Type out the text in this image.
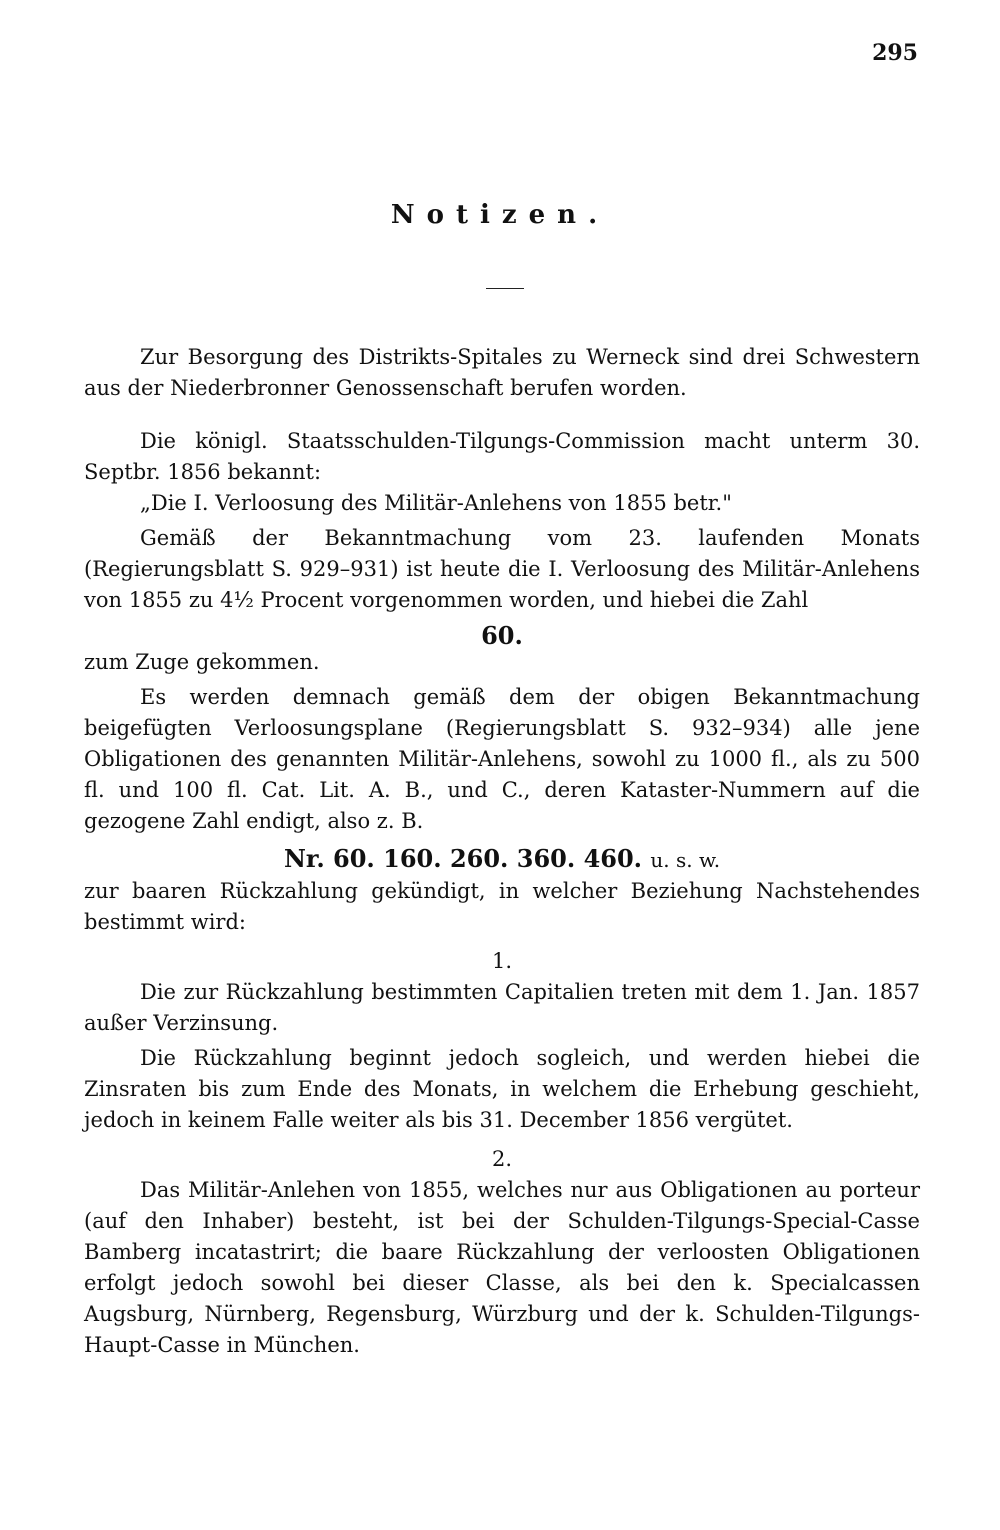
295
Notizen.

Zur Besorgung des Distrikts-Spitales zu Werneck sind drei Schwestern aus der Niederbronner Genossenschaft berufen worden.

Die königl. Staatsschulden-Tilgungs-Commission macht unterm 30. Septbr. 1856 bekannt:

„Die I. Verloosung des Militär-Anlehens von 1855 betr."

Gemäß der Bekanntmachung vom 23. laufenden Monats (Regierungsblatt S. 929–931) ist heute die I. Verloosung des Militär-Anlehens von 1855 zu 4½ Procent vorgenommen worden, und hiebei die Zahl

60.

zum Zuge gekommen.

Es werden demnach gemäß dem der obigen Bekanntmachung beigefügten Verloosungsplane (Regierungsblatt S. 932–934) alle jene Obligationen des genannten Militär-Anlehens, sowohl zu 1000 fl., als zu 500 fl. und 100 fl. Cat. Lit. A. B., und C., deren Kataster-Nummern auf die gezogene Zahl endigt, also z. B.

Nr. 60. 160. 260. 360. 460. u. s. w.

zur baaren Rückzahlung gekündigt, in welcher Beziehung Nachstehendes bestimmt wird:

1.

Die zur Rückzahlung bestimmten Capitalien treten mit dem 1. Jan. 1857 außer Verzinsung.

Die Rückzahlung beginnt jedoch sogleich, und werden hiebei die Zinsraten bis zum Ende des Monats, in welchem die Erhebung geschieht, jedoch in keinem Falle weiter als bis 31. December 1856 vergütet.

2.

Das Militär-Anlehen von 1855, welches nur aus Obligationen au porteur (auf den Inhaber) besteht, ist bei der Schulden-Tilgungs-Special-Casse Bamberg incatastrirt; die baare Rückzahlung der verloosten Obligationen erfolgt jedoch sowohl bei dieser Classe, als bei den k. Specialcassen Augsburg, Nürnberg, Regensburg, Würzburg und der k. Schulden-Tilgungs-Haupt-Casse in München.
